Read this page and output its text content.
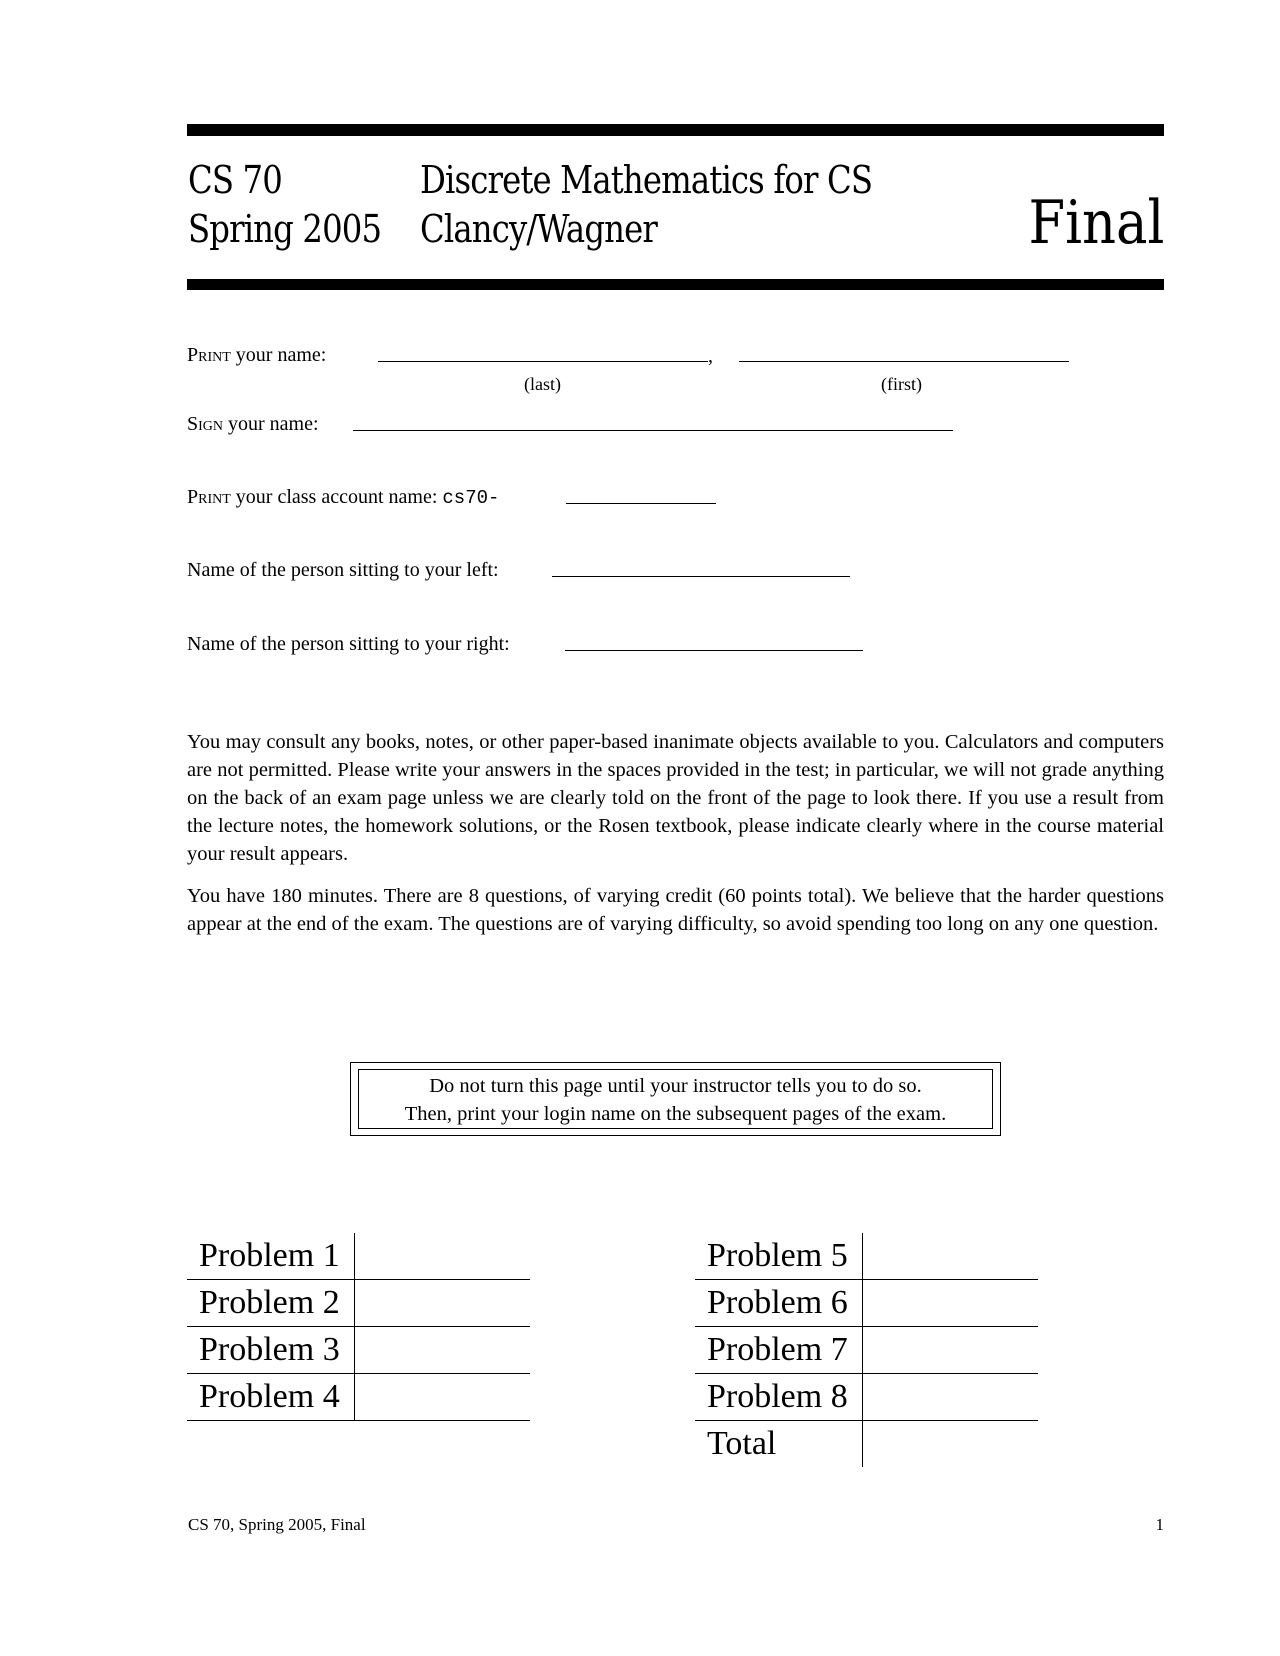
CS 70
Spring 2005
Discrete Mathematics for CS
Clancy/Wagner	Final
Print your name:	,
(last)	(first)
Sign your name:
Print your class account name: cs70-
Name of the person sitting to your left:
Name of the person sitting to your right:

You may consult any books, notes, or other paper-based inanimate objects available to you. Calculators and computers are not permitted. Please write your answers in the spaces provided in the test; in particular, we will not grade anything on the back of an exam page unless we are clearly told on the front of the page to look there. If you use a result from the lecture notes, the homework solutions, or the Rosen textbook, please indicate clearly where in the course material your result appears.

You have 180 minutes. There are 8 questions, of varying credit (60 points total). We believe that the harder questions appear at the end of the exam. The questions are of varying difficulty, so avoid spending too long on any one question.

Do not turn this page until your instructor tells you to do so.
Then, print your login name on the subsequent pages of the exam.
Problem 1	
Problem 2	
Problem 3	
Problem 4	
Problem 5	
Problem 6	
Problem 7	
Problem 8	
Total	
CS 70, Spring 2005, Final	1
